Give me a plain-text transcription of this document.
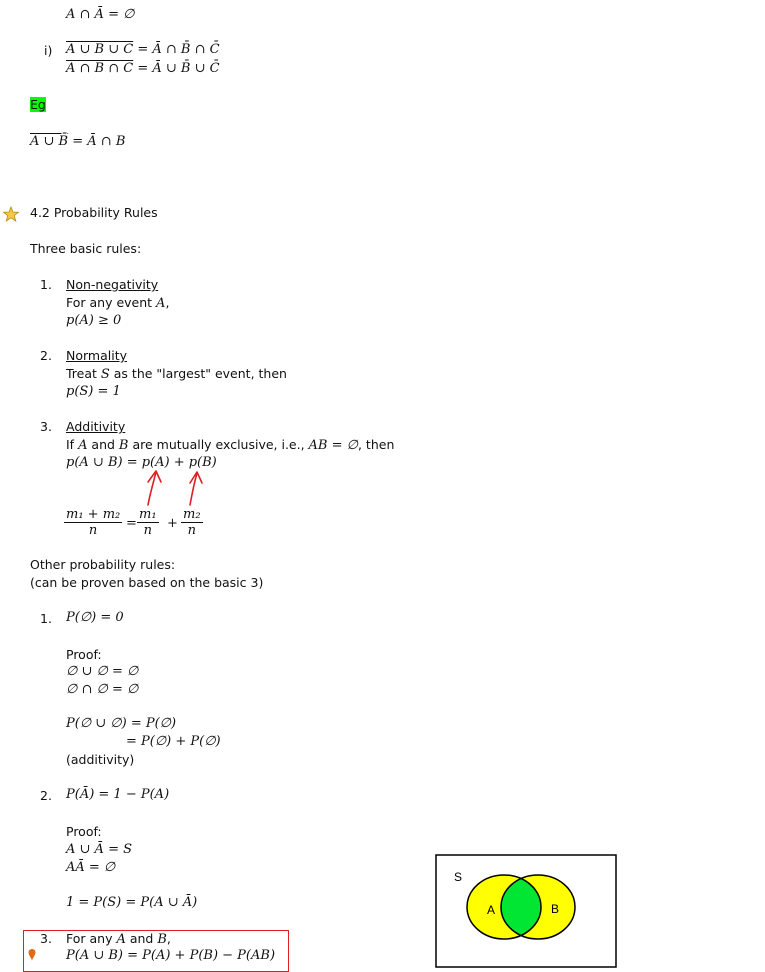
A ∩ Ā = ∅
i) A ∪ B ∪ C = Ā ∩ B̄ ∩ C̄
A ∩ B ∩ C = Ā ∪ B̄ ∪ C̄
Eg
A ∪ B̄ = Ā ∩ B
4.2 Probability Rules
Three basic rules:
1. Non-negativity
For any event A,
p(A) ≥ 0
2. Normality
Treat S as the "largest" event, then
p(S) = 1
3. Additivity
If A and B are mutually exclusive, i.e., AB = ∅, then
p(A ∪ B) = p(A) + p(B)
$\frac{\text{m₁ + m₂}}{n} = \frac{\text{m₁}}{n} + \frac{\text{m₂}}{n}$
Other probability rules:
(can be proven based on the basic 3)
1. P(∅) = 0
Proof:
∅ ∪ ∅ = ∅
∅ ∩ ∅ = ∅
P(∅ ∪ ∅) = P(∅)
= P(∅) + P(∅)
(additivity)
2. P(Ā) = 1 − P(A)
Proof:
A ∪ Ā = S
AĀ = ∅
1 = P(S) = P(A ∪ Ā)
3. For any A and B,
P(A ∪ B) = P(A) + P(B) − P(AB)
S
A	B
